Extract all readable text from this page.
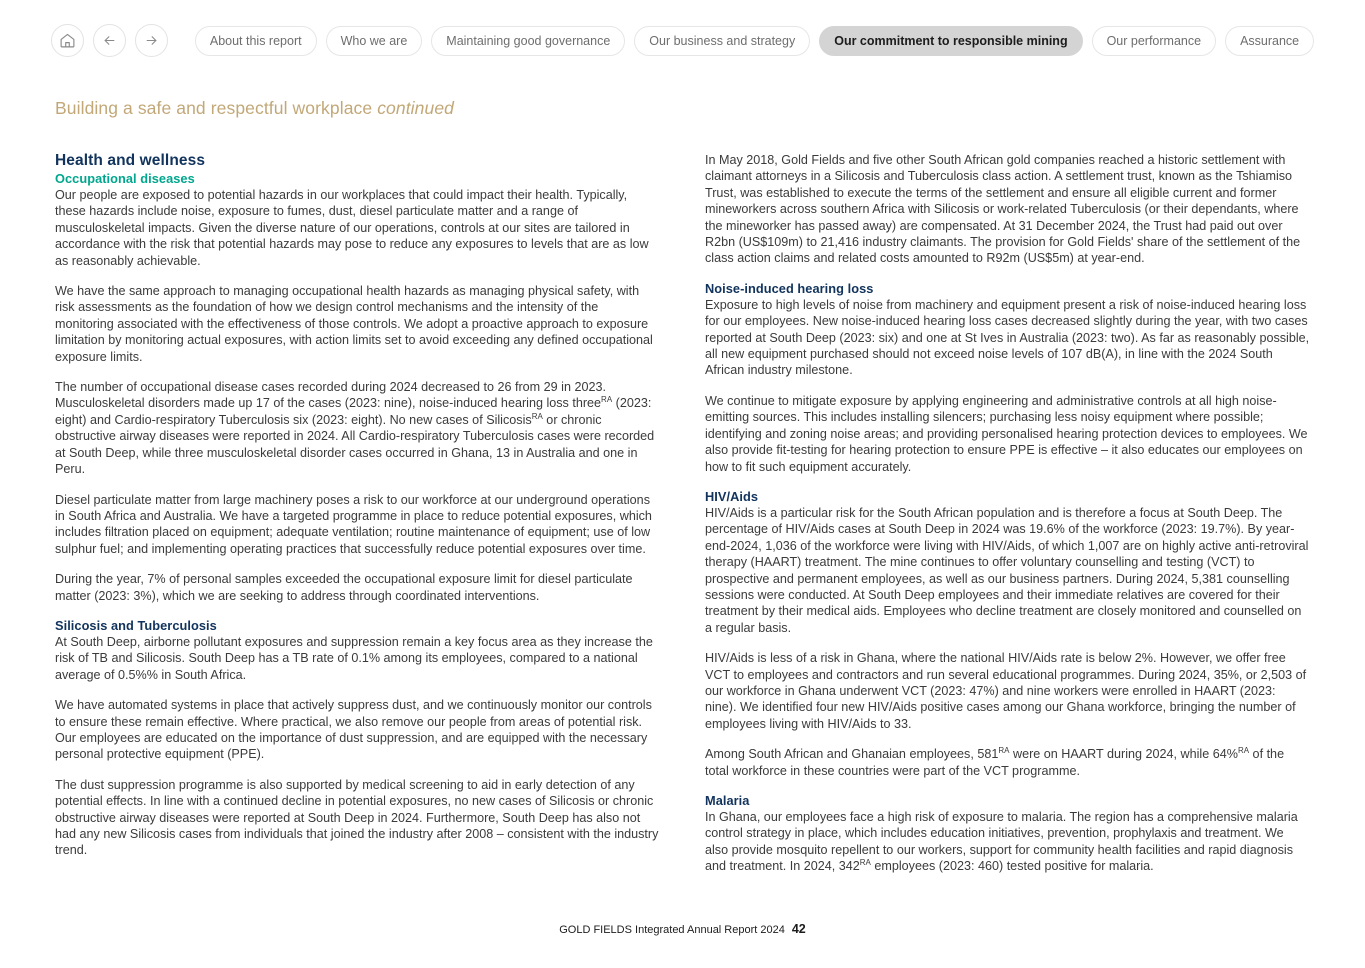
About this report	Who we are	Maintaining good governance	Our business and strategy	Our commitment to responsible mining	Our performance	Assurance
Building a safe and respectful workplace continued
Health and wellness
Occupational diseases

Our people are exposed to potential hazards in our workplaces that could impact their health. Typically, these hazards include noise, exposure to fumes, dust, diesel particulate matter and a range of musculoskeletal impacts. Given the diverse nature of our operations, controls at our sites are tailored in accordance with the risk that potential hazards may pose to reduce any exposures to levels that are as low as reasonably achievable.

We have the same approach to managing occupational health hazards as managing physical safety, with risk assessments as the foundation of how we design control mechanisms and the intensity of the monitoring associated with the effectiveness of those controls. We adopt a proactive approach to exposure limitation by monitoring actual exposures, with action limits set to avoid exceeding any defined occupational exposure limits.

The number of occupational disease cases recorded during 2024 decreased to 26 from 29 in 2023. Musculoskeletal disorders made up 17 of the cases (2023: nine), noise-induced hearing loss three$^{RA}$ (2023: eight) and Cardio-respiratory Tuberculosis six (2023: eight). No new cases of Silicosis$^{RA}$ or chronic obstructive airway diseases were reported in 2024. All Cardio-respiratory Tuberculosis cases were recorded at South Deep, while three musculoskeletal disorder cases occurred in Ghana, 13 in Australia and one in Peru.

Diesel particulate matter from large machinery poses a risk to our workforce at our underground operations in South Africa and Australia. We have a targeted programme in place to reduce potential exposures, which includes filtration placed on equipment; adequate ventilation; routine maintenance of equipment; use of low sulphur fuel; and implementing operating practices that successfully reduce potential exposures over time.

During the year, 7% of personal samples exceeded the occupational exposure limit for diesel particulate matter (2023: 3%), which we are seeking to address through coordinated interventions.

Silicosis and Tuberculosis

At South Deep, airborne pollutant exposures and suppression remain a key focus area as they increase the risk of TB and Silicosis. South Deep has a TB rate of 0.1% among its employees, compared to a national average of 0.5%% in South Africa.

We have automated systems in place that actively suppress dust, and we continuously monitor our controls to ensure these remain effective. Where practical, we also remove our people from areas of potential risk. Our employees are educated on the importance of dust suppression, and are equipped with the necessary personal protective equipment (PPE).

The dust suppression programme is also supported by medical screening to aid in early detection of any potential effects. In line with a continued decline in potential exposures, no new cases of Silicosis or chronic obstructive airway diseases were reported at South Deep in 2024. Furthermore, South Deep has also not had any new Silicosis cases from individuals that joined the industry after 2008 – consistent with the industry trend.

In May 2018, Gold Fields and five other South African gold companies reached a historic settlement with claimant attorneys in a Silicosis and Tuberculosis class action. A settlement trust, known as the Tshiamiso Trust, was established to execute the terms of the settlement and ensure all eligible current and former mineworkers across southern Africa with Silicosis or work-related Tuberculosis (or their dependants, where the mineworker has passed away) are compensated. At 31 December 2024, the Trust had paid out over R2bn (US$109m) to 21,416 industry claimants. The provision for Gold Fields' share of the settlement of the class action claims and related costs amounted to R92m (US$5m) at year-end.

Noise-induced hearing loss

Exposure to high levels of noise from machinery and equipment present a risk of noise-induced hearing loss for our employees. New noise-induced hearing loss cases decreased slightly during the year, with two cases reported at South Deep (2023: six) and one at St Ives in Australia (2023: two). As far as reasonably possible, all new equipment purchased should not exceed noise levels of 107 dB(A), in line with the 2024 South African industry milestone.

We continue to mitigate exposure by applying engineering and administrative controls at all high noise-emitting sources. This includes installing silencers; purchasing less noisy equipment where possible; identifying and zoning noise areas; and providing personalised hearing protection devices to employees. We also provide fit-testing for hearing protection to ensure PPE is effective – it also educates our employees on how to fit such equipment accurately.

HIV/Aids

HIV/Aids is a particular risk for the South African population and is therefore a focus at South Deep. The percentage of HIV/Aids cases at South Deep in 2024 was 19.6% of the workforce (2023: 19.7%). By year-end-2024, 1,036 of the workforce were living with HIV/Aids, of which 1,007 are on highly active anti-retroviral therapy (HAART) treatment. The mine continues to offer voluntary counselling and testing (VCT) to prospective and permanent employees, as well as our business partners. During 2024, 5,381 counselling sessions were conducted. At South Deep employees and their immediate relatives are covered for their treatment by their medical aids. Employees who decline treatment are closely monitored and counselled on a regular basis.

HIV/Aids is less of a risk in Ghana, where the national HIV/Aids rate is below 2%. However, we offer free VCT to employees and contractors and run several educational programmes. During 2024, 35%, or 2,503 of our workforce in Ghana underwent VCT (2023: 47%) and nine workers were enrolled in HAART (2023: nine). We identified four new HIV/Aids positive cases among our Ghana workforce, bringing the number of employees living with HIV/Aids to 33.

Among South African and Ghanaian employees, $581^{RA}$ were on HAART during 2024, while 64%$^{RA}$ of the total workforce in these countries were part of the VCT programme.

Malaria

In Ghana, our employees face a high risk of exposure to malaria. The region has a comprehensive malaria control strategy in place, which includes education initiatives, prevention, prophylaxis and treatment. We also provide mosquito repellent to our workers, support for community health facilities and rapid diagnosis and treatment. In 2024, $342^{RA}$ employees (2023: 460) tested positive for malaria.

GOLD FIELDS Integrated Annual Report 2024 42
